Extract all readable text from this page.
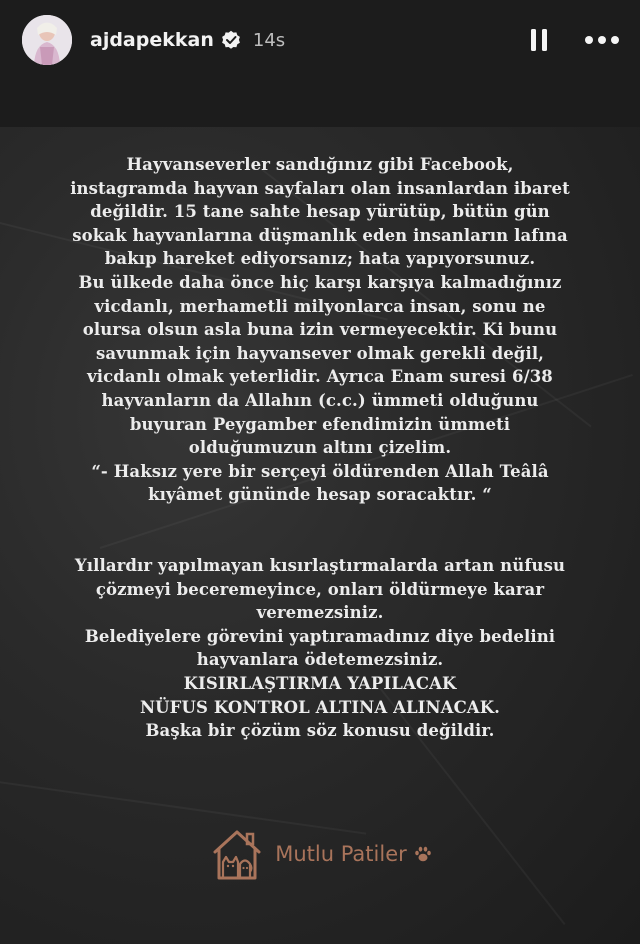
ajdapekkan 14s

Hayvanseverler sandığınız gibi Facebook,

instagramda hayvan sayfaları olan insanlardan ibaret

değildir. 15 tane sahte hesap yürütüp, bütün gün

sokak hayvanlarına düşmanlık eden insanların lafına

bakıp hareket ediyorsanız; hata yapıyorsunuz.

Bu ülkede daha önce hiç karşı karşıya kalmadığınız

vicdanlı, merhametli milyonlarca insan, sonu ne

olursa olsun asla buna izin vermeyecektir. Ki bunu

savunmak için hayvansever olmak gerekli değil,

vicdanlı olmak yeterlidir. Ayrıca Enam suresi 6/38

hayvanların da Allahın (c.c.) ümmeti olduğunu

buyuran Peygamber efendimizin ümmeti

olduğumuzun altını çizelim.

“- Haksız yere bir serçeyi öldürenden Allah Teâlâ

kıyâmet gününde hesap soracaktır. “

Yıllardır yapılmayan kısırlaştırmalarda artan nüfusu

çözmeyi beceremeyince, onları öldürmeye karar

veremezsiniz.

Belediyelere görevini yaptıramadınız diye bedelini

hayvanlara ödetemezsiniz.

KISIRLAŞTIRMA YAPILACAK

NÜFUS KONTROL ALTINA ALINACAK.

Başka bir çözüm söz konusu değildir.

Mutlu Patiler
